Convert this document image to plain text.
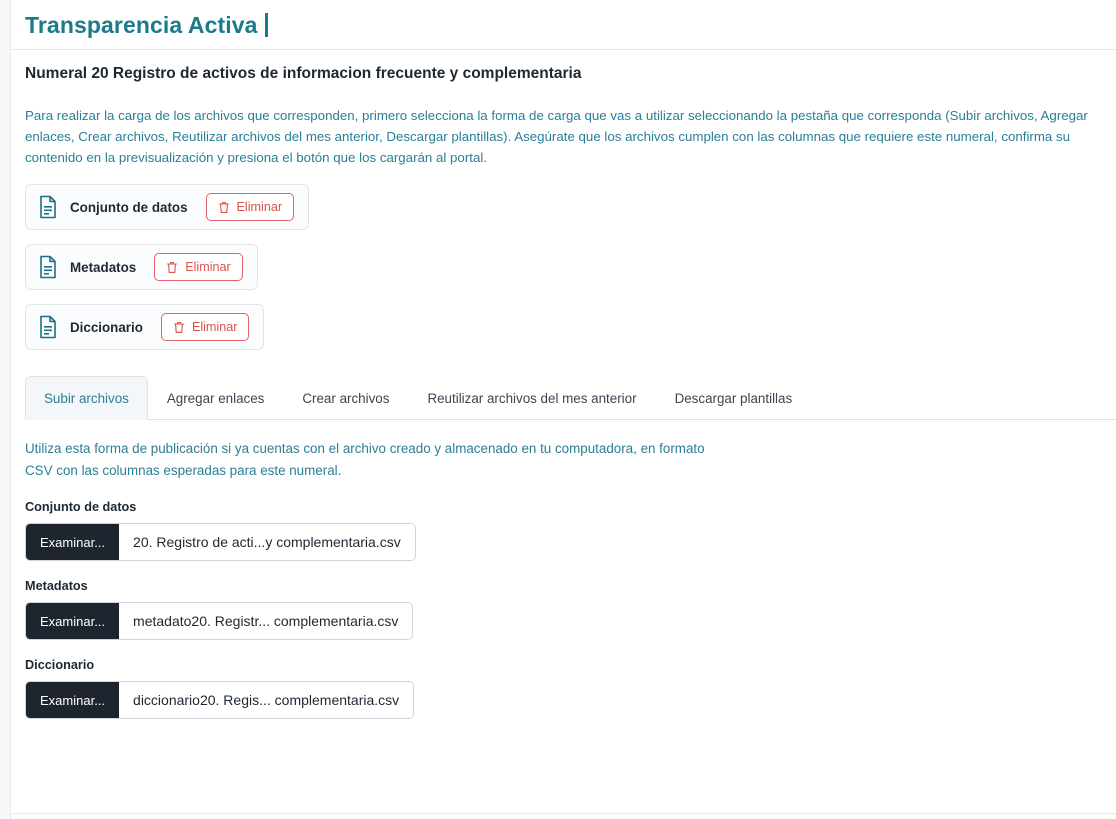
Transparencia Activa
Numeral 20 Registro de activos de informacion frecuente y complementaria
Para realizar la carga de los archivos que corresponden, primero selecciona la forma de carga que vas a utilizar seleccionando la pestaña que corresponda (Subir archivos, Agregar enlaces, Crear archivos, Reutilizar archivos del mes anterior, Descargar plantillas). Asegúrate que los archivos cumplen con las columnas que requiere este numeral, confirma su contenido en la previsualización y presiona el botón que los cargarán al portal.
Conjunto de datos	Eliminar
Metadatos	Eliminar
Diccionario	Eliminar
Subir archivos	Agregar enlaces	Crear archivos	Reutilizar archivos del mes anterior	Descargar plantillas
Utiliza esta forma de publicación si ya cuentas con el archivo creado y almacenado en tu computadora, en formato CSV con las columnas esperadas para este numeral.
Conjunto de datos
Examinar...	20. Registro de acti...y complementaria.csv
Metadatos
Examinar...	metadato20. Registr... complementaria.csv
Diccionario
Examinar...	diccionario20. Regis... complementaria.csv
